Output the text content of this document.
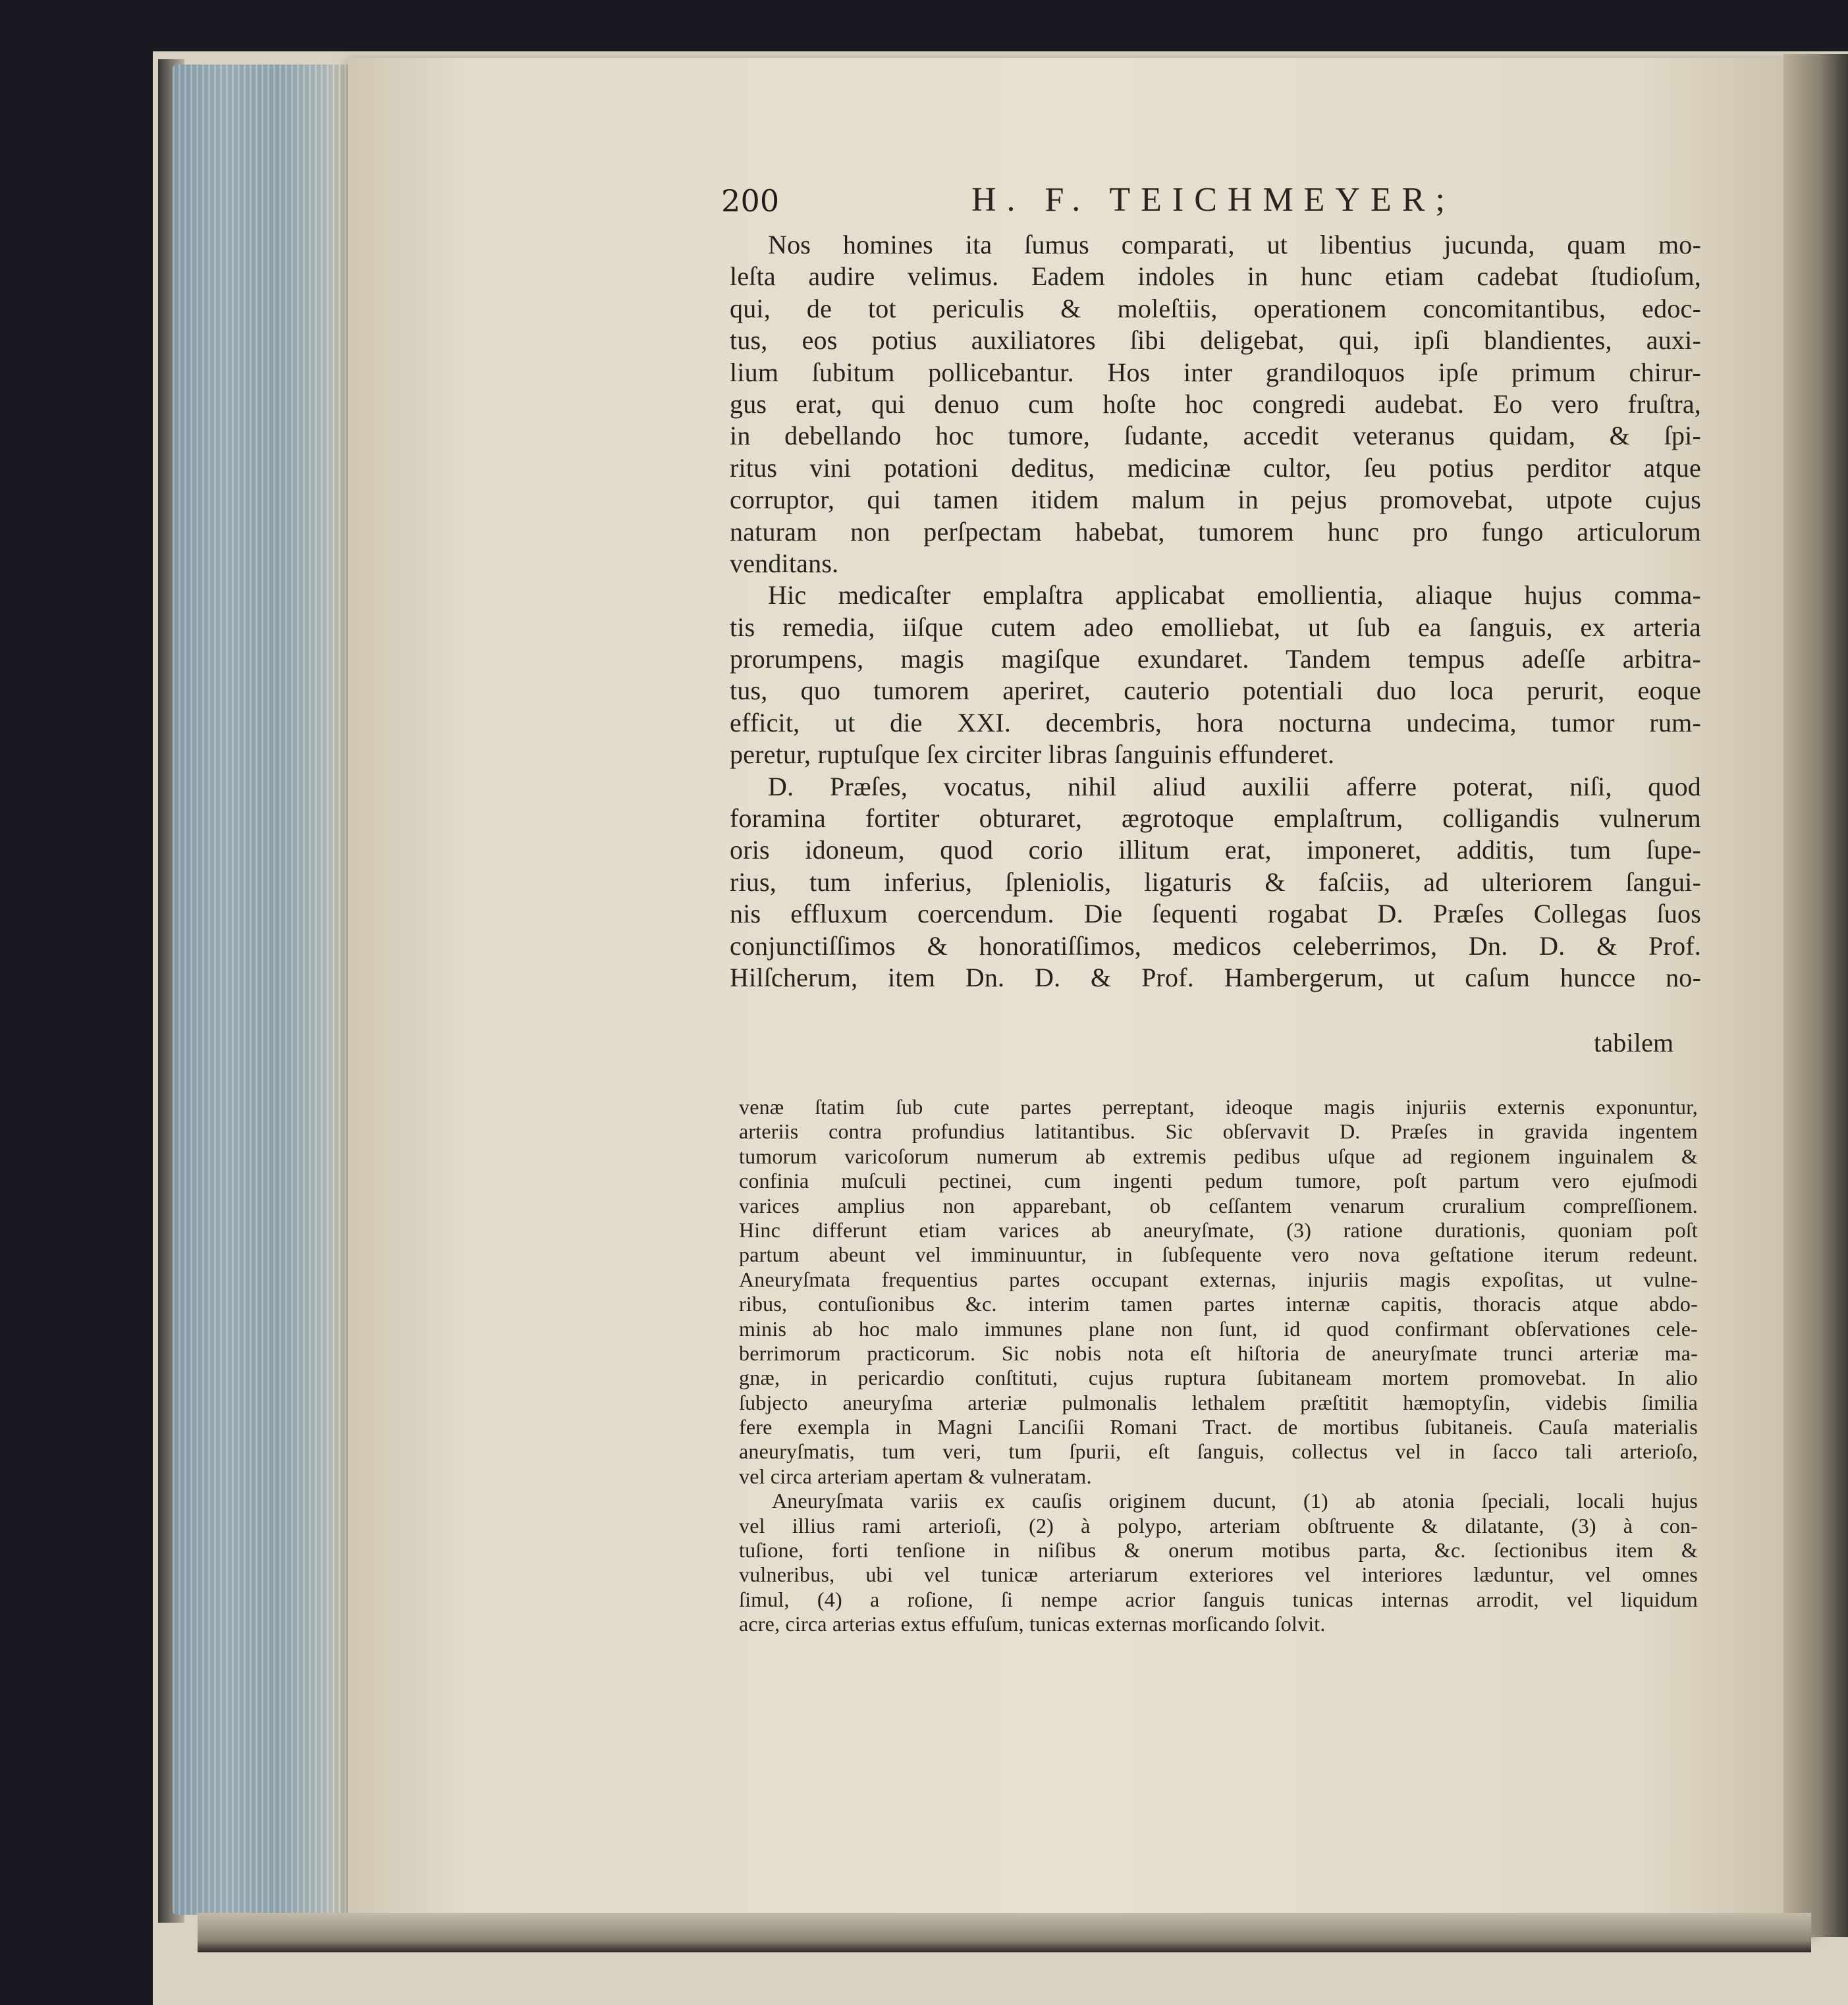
200	H. F. TEICHMEYER;
Nos homines ita ſumus comparati, ut libentius jucunda, quam mo-
leſta audire velimus. Eadem indoles in hunc etiam cadebat ſtudioſum,
qui, de tot periculis & moleſtiis, operationem concomitantibus, edoc-
tus, eos potius auxiliatores ſibi deligebat, qui, ipſi blandientes, auxi-
lium ſubitum pollicebantur. Hos inter grandiloquos ipſe primum chirur-
gus erat, qui denuo cum hoſte hoc congredi audebat. Eo vero fruſtra,
in debellando hoc tumore, ſudante, accedit veteranus quidam, & ſpi-
ritus vini potationi deditus, medicinæ cultor, ſeu potius perditor atque
corruptor, qui tamen itidem malum in pejus promovebat, utpote cujus
naturam non perſpectam habebat, tumorem hunc pro fungo articulorum
venditans.
Hic medicaſter emplaſtra applicabat emollientia, aliaque hujus comma-
tis remedia, iiſque cutem adeo emolliebat, ut ſub ea ſanguis, ex arteria
prorumpens, magis magiſque exundaret. Tandem tempus adeſſe arbitra-
tus, quo tumorem aperiret, cauterio potentiali duo loca perurit, eoque
efficit, ut die XXI. decembris, hora nocturna undecima, tumor rum-
peretur, ruptuſque ſex circiter libras ſanguinis effunderet.
D. Præſes, vocatus, nihil aliud auxilii afferre poterat, niſi, quod
foramina fortiter obturaret, ægrotoque emplaſtrum, colligandis vulnerum
oris idoneum, quod corio illitum erat, imponeret, additis, tum ſupe-
rius, tum inferius, ſpleniolis, ligaturis & faſciis, ad ulteriorem ſangui-
nis effluxum coercendum. Die ſequenti rogabat D. Præſes Collegas ſuos
conjunctiſſimos & honoratiſſimos, medicos celeberrimos, Dn. D. & Prof.
Hilſcherum, item Dn. D. & Prof. Hambergerum, ut caſum huncce no-
tabilem
venæ ſtatim ſub cute partes perreptant, ideoque magis injuriis externis exponuntur,
arteriis contra profundius latitantibus. Sic obſervavit D. Præſes in gravida ingentem
tumorum varicoſorum numerum ab extremis pedibus uſque ad regionem inguinalem &
confinia muſculi pectinei, cum ingenti pedum tumore, poſt partum vero ejuſmodi
varices amplius non apparebant, ob ceſſantem venarum cruralium compreſſionem.
Hinc differunt etiam varices ab aneuryſmate, (3) ratione durationis, quoniam poſt
partum abeunt vel imminuuntur, in ſubſequente vero nova geſtatione iterum redeunt.
Aneuryſmata frequentius partes occupant externas, injuriis magis expoſitas, ut vulne-
ribus, contuſionibus &c. interim tamen partes internæ capitis, thoracis atque abdo-
minis ab hoc malo immunes plane non ſunt, id quod confirmant obſervationes cele-
berrimorum practicorum. Sic nobis nota eſt hiſtoria de aneuryſmate trunci arteriæ ma-
gnæ, in pericardio conſtituti, cujus ruptura ſubitaneam mortem promovebat. In alio
ſubjecto aneuryſma arteriæ pulmonalis lethalem præſtitit hæmoptyſin, videbis ſimilia
fere exempla in Magni Lanciſii Romani Tract. de mortibus ſubitaneis. Cauſa materialis
aneuryſmatis, tum veri, tum ſpurii, eſt ſanguis, collectus vel in ſacco tali arterioſo,
vel circa arteriam apertam & vulneratam.
Aneuryſmata variis ex cauſis originem ducunt, (1) ab atonia ſpeciali, locali hujus
vel illius rami arterioſi, (2) à polypo, arteriam obſtruente & dilatante, (3) à con-
tuſione, forti tenſione in niſibus & onerum motibus parta, &c. ſectionibus item &
vulneribus, ubi vel tunicæ arteriarum exteriores vel interiores læduntur, vel omnes
ſimul, (4) a roſione, ſi nempe acrior ſanguis tunicas internas arrodit, vel liquidum
acre, circa arterias extus effuſum, tunicas externas morſicando ſolvit.
